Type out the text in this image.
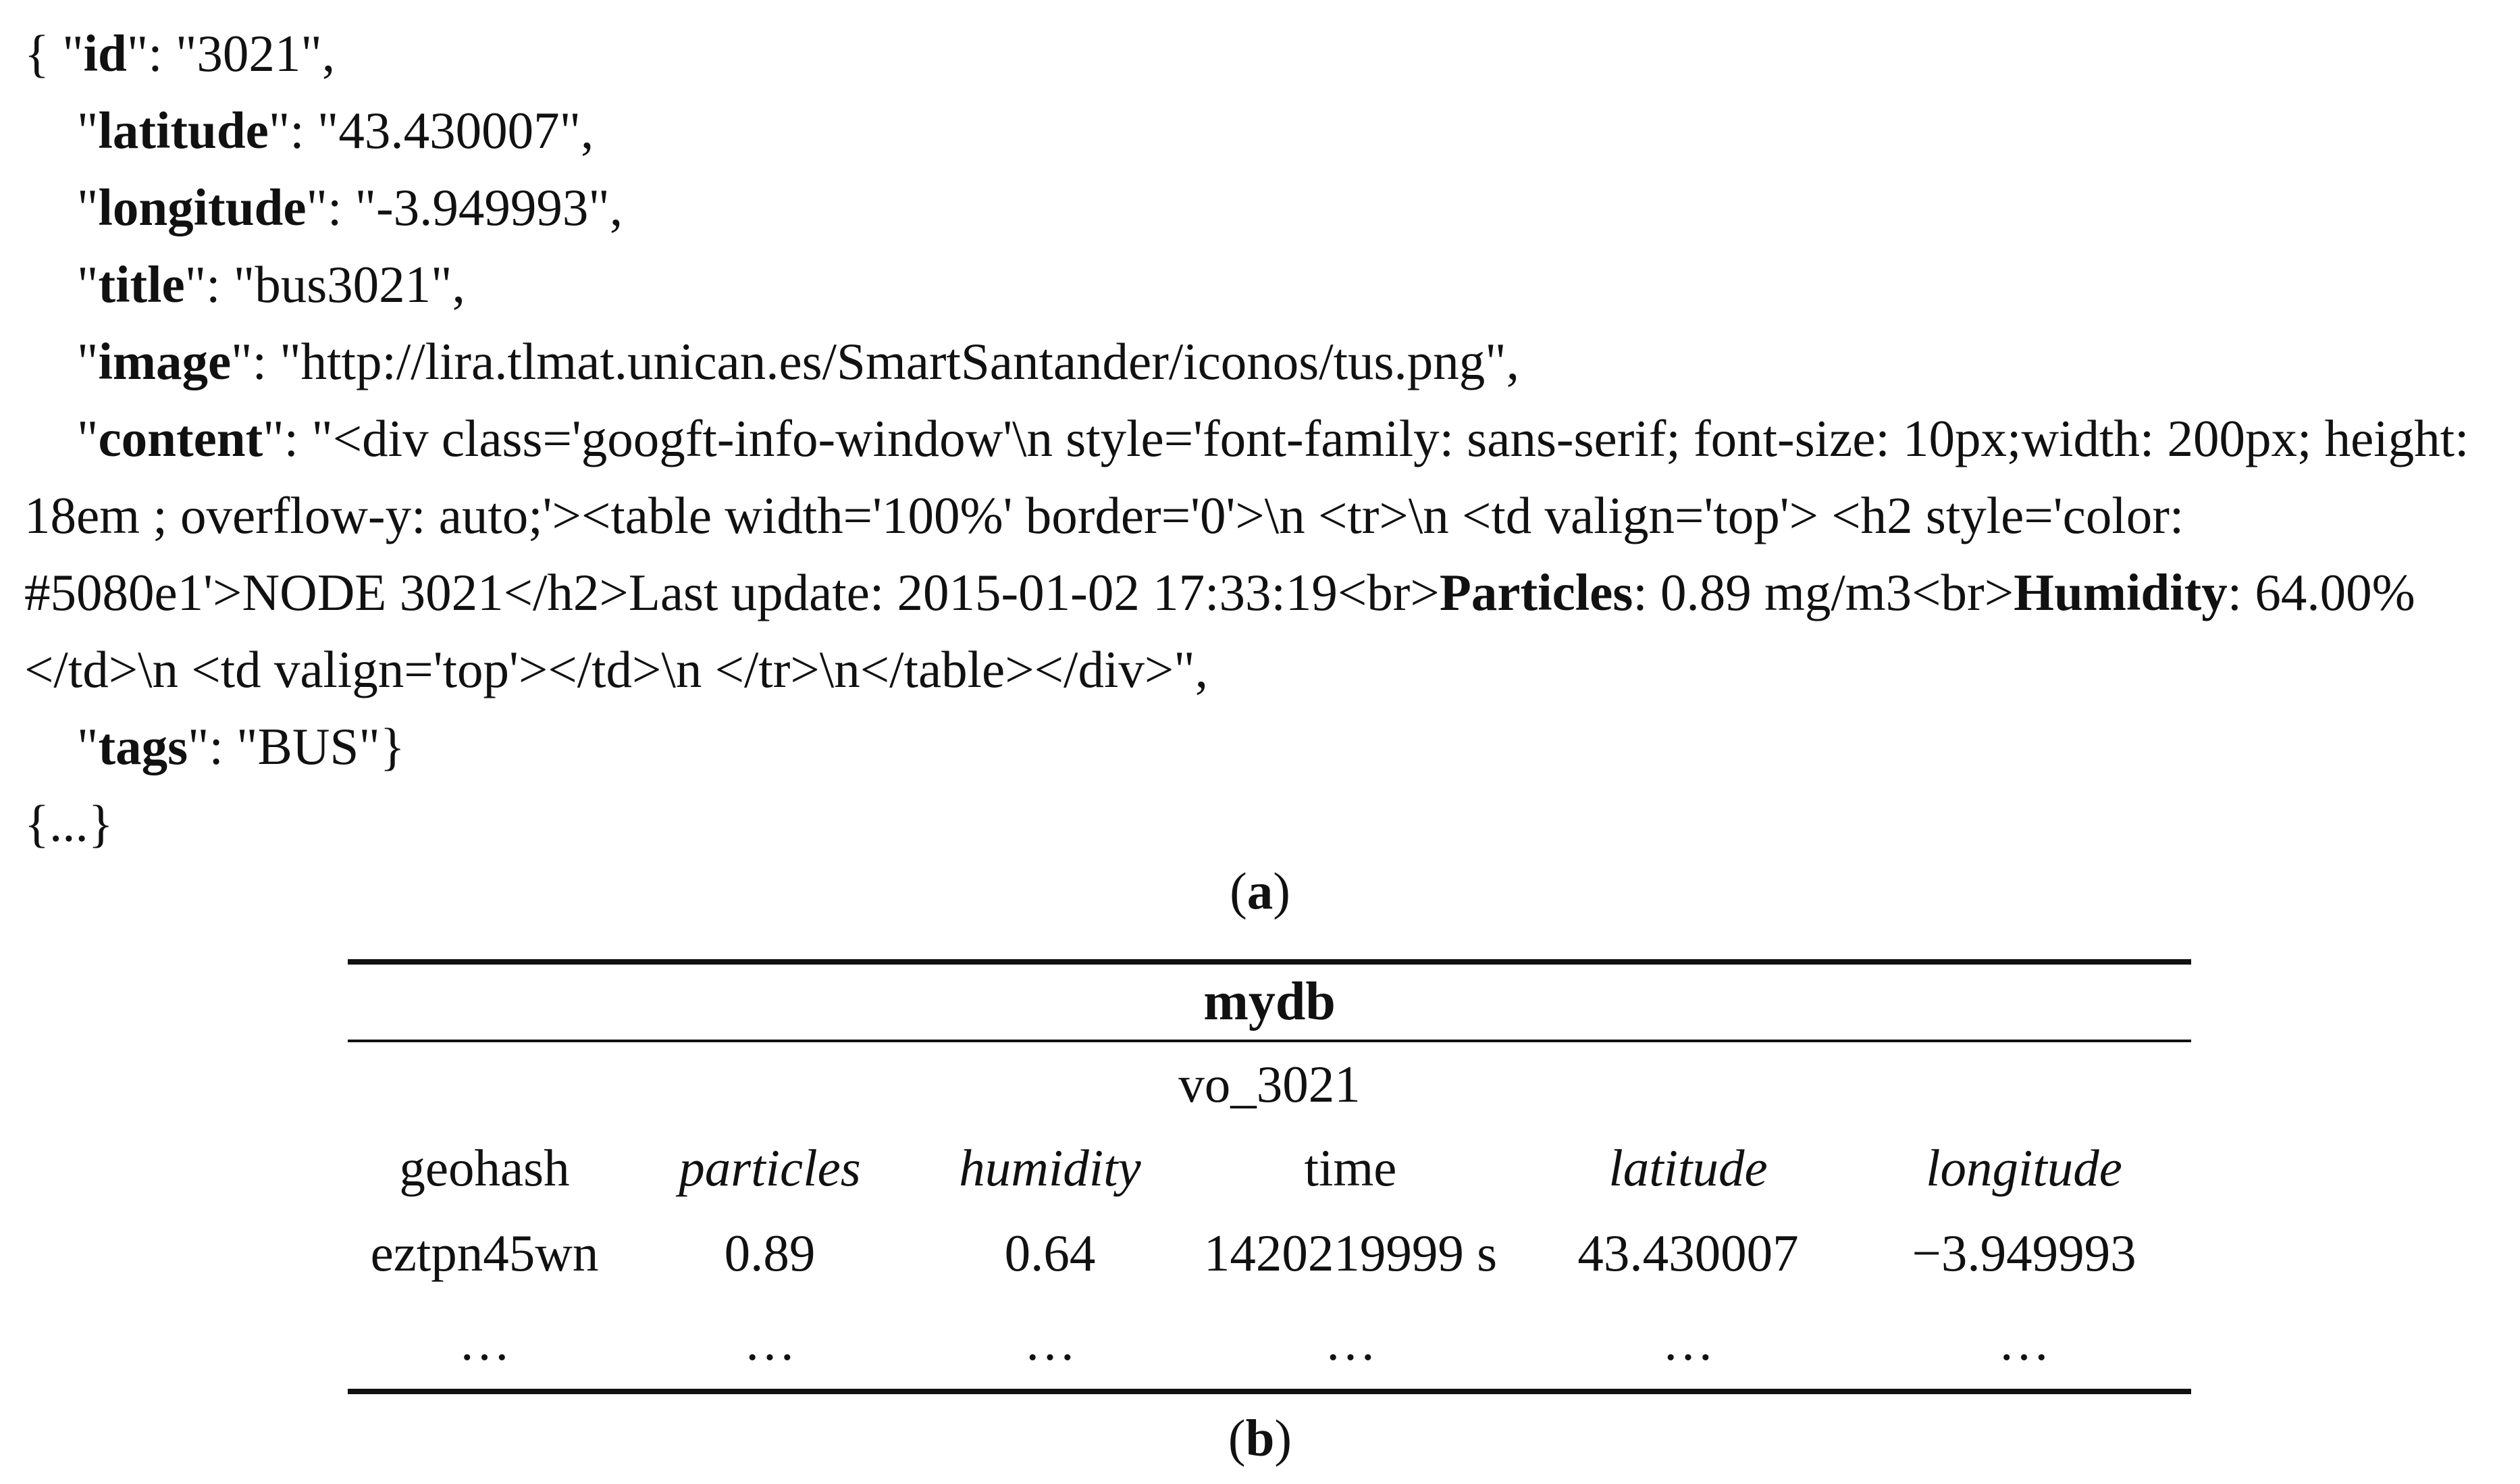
{ "id": "3021",
"latitude": "43.430007",
"longitude": "-3.949993",
"title": "bus3021",
"image": "http://lira.tlmat.unican.es/SmartSantander/iconos/tus.png",
"content": "<div class='googft-info-window'\n style='font-family: sans-serif; font-size: 10px;width: 200px; height: 18em ; overflow-y: auto;'><table width='100%' border='0'>\n <tr>\n <td valign='top'> <h2 style='color: #5080e1'>NODE 3021</h2>Last update: 2015-01-02 17:33:19<br>Particles: 0.89 mg/m3<br>Humidity: 64.00% </td>\n <td valign='top'></td>\n </tr>\n</table></div>",
"tags": "BUS"}
{...}
(a)
mydb
vo_3021
geohash	particles	humidity	time	latitude	longitude
eztpn45wn	0.89	0.64	1420219999 s	43.430007	−3.949993
…	…	…	…	…	…
(b)
